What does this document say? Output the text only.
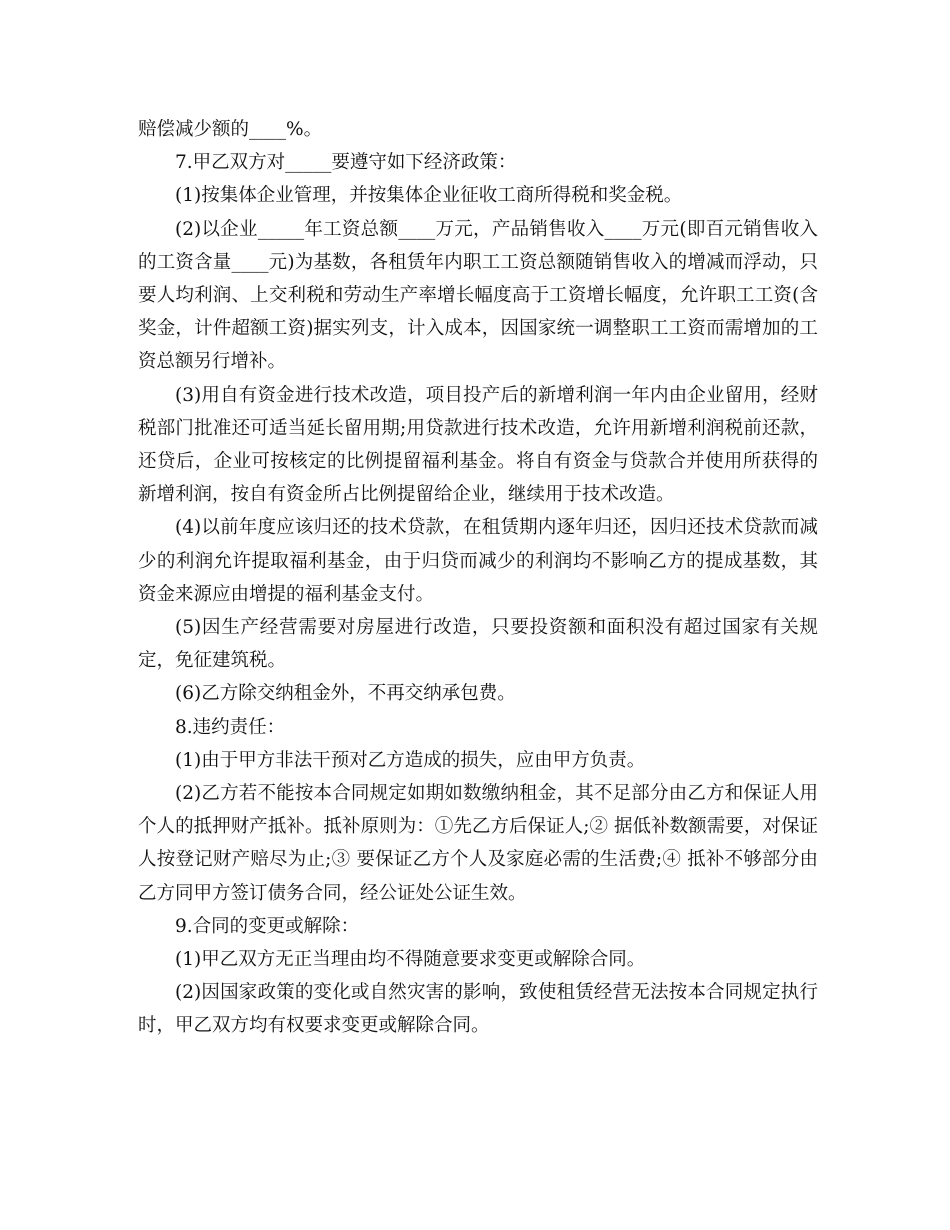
赔偿减少额的____%。

7.甲乙双方对_____要遵守如下经济政策：

(1)按集体企业管理，并按集体企业征收工商所得税和奖金税。

(2)以企业_____年工资总额____万元，产品销售收入____万元(即百元销售收入的工资含量____元)为基数，各租赁年内职工工资总额随销售收入的增减而浮动，只要人均利润、上交利税和劳动生产率增长幅度高于工资增长幅度，允许职工工资(含奖金，计件超额工资)据实列支，计入成本，因国家统一调整职工工资而需增加的工资总额另行增补。

(3)用自有资金进行技术改造，项目投产后的新增利润一年内由企业留用，经财税部门批准还可适当延长留用期;用贷款进行技术改造，允许用新增利润税前还款，还贷后，企业可按核定的比例提留福利基金。将自有资金与贷款合并使用所获得的新增利润，按自有资金所占比例提留给企业，继续用于技术改造。

(4)以前年度应该归还的技术贷款，在租赁期内逐年归还，因归还技术贷款而减少的利润允许提取福利基金，由于归贷而减少的利润均不影响乙方的提成基数，其资金来源应由增提的福利基金支付。

(5)因生产经营需要对房屋进行改造，只要投资额和面积没有超过国家有关规定，免征建筑税。

(6)乙方除交纳租金外，不再交纳承包费。

8.违约责任：

(1)由于甲方非法干预对乙方造成的损失，应由甲方负责。

(2)乙方若不能按本合同规定如期如数缴纳租金，其不足部分由乙方和保证人用个人的抵押财产抵补。抵补原则为：①先乙方后保证人;② 据低补数额需要，对保证人按登记财产赔尽为止;③ 要保证乙方个人及家庭必需的生活费;④ 抵补不够部分由乙方同甲方签订债务合同，经公证处公证生效。

9.合同的变更或解除：

(1)甲乙双方无正当理由均不得随意要求变更或解除合同。

(2)因国家政策的变化或自然灾害的影响，致使租赁经营无法按本合同规定执行时，甲乙双方均有权要求变更或解除合同。
